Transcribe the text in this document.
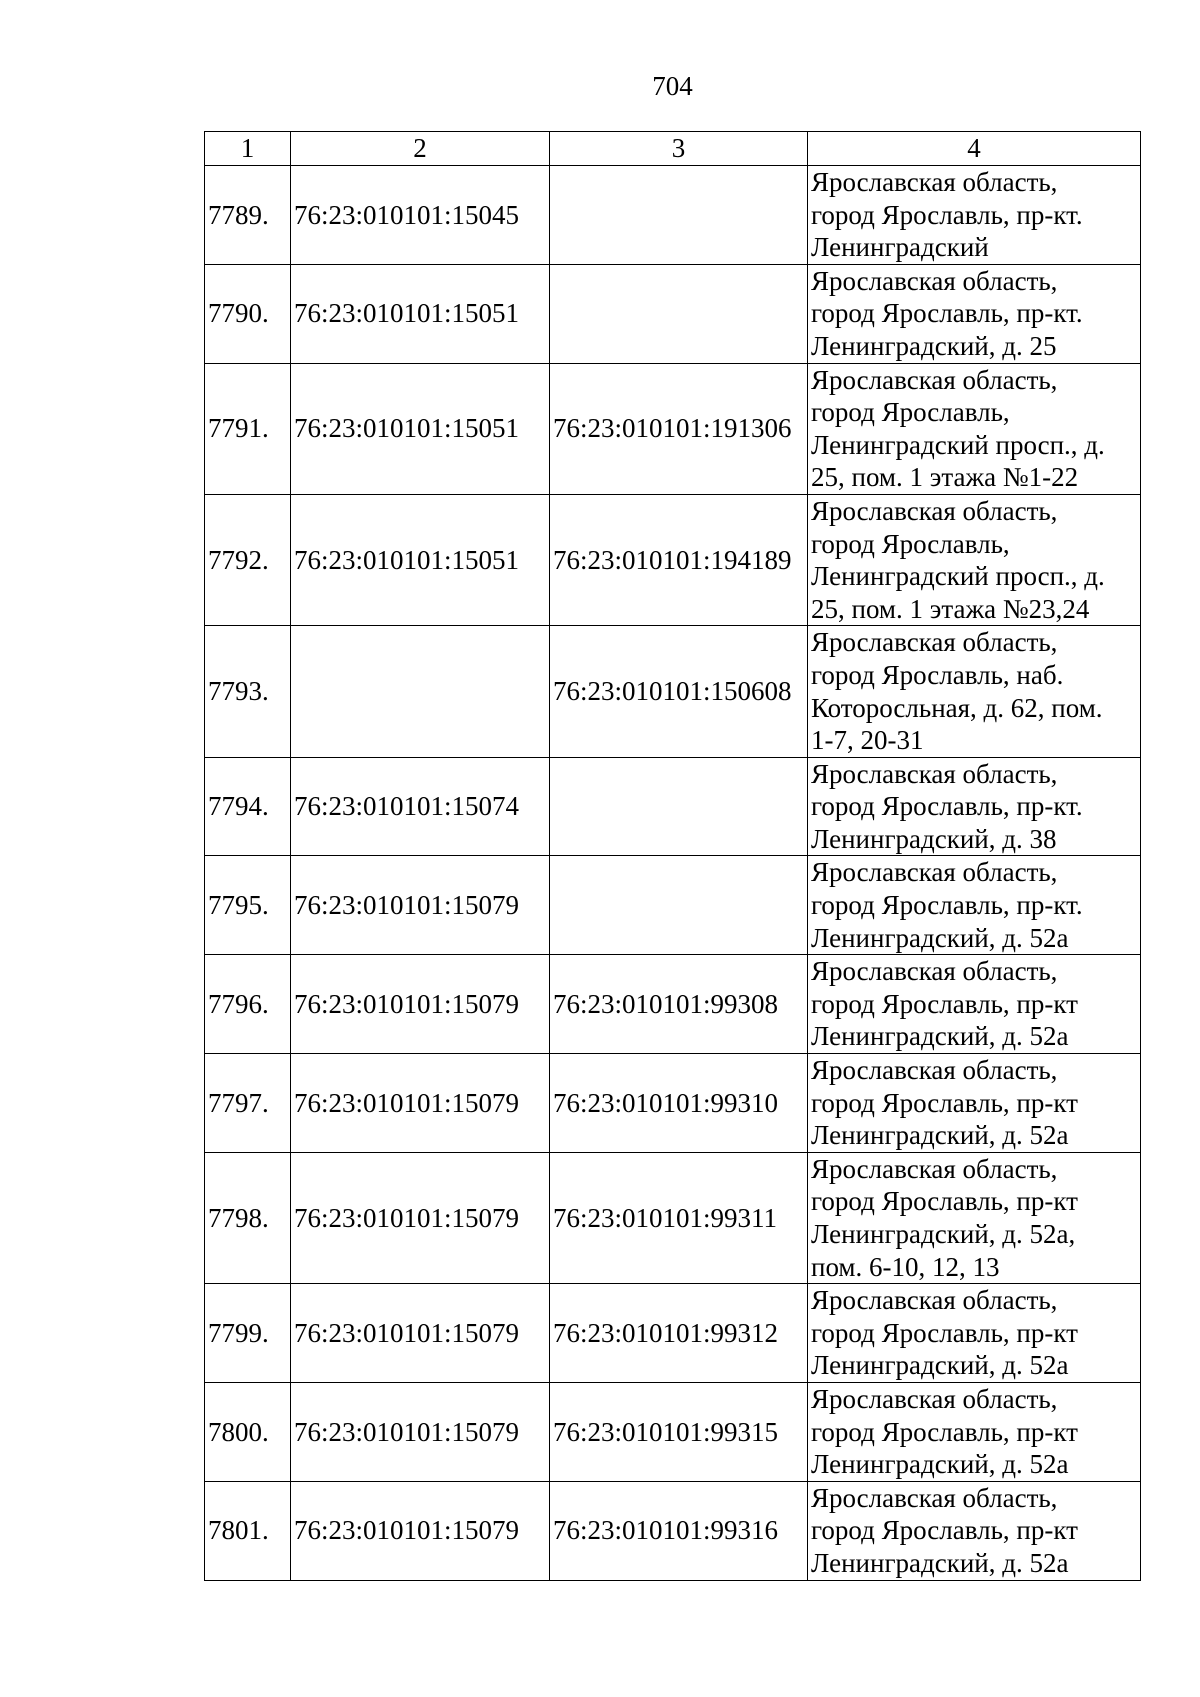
704
1	2	3	4
7789.	76:23:010101:15045		Ярославская область,
город Ярославль, пр-кт.
Ленинградский

7790.	76:23:010101:15051		Ярославская область,
город Ярославль, пр-кт.
Ленинградский, д. 25

7791.	76:23:010101:15051	76:23:010101:191306	Ярославская область,
город Ярославль,
Ленинградский просп., д.
25, пом. 1 этажа №1-22

7792.	76:23:010101:15051	76:23:010101:194189	Ярославская область,
город Ярославль,
Ленинградский просп., д.
25, пом. 1 этажа №23,24

7793.		76:23:010101:150608	Ярославская область,
город Ярославль, наб.
Которосльная, д. 62, пом.
1-7, 20-31

7794.	76:23:010101:15074		Ярославская область,
город Ярославль, пр-кт.
Ленинградский, д. 38

7795.	76:23:010101:15079		Ярославская область,
город Ярославль, пр-кт.
Ленинградский, д. 52а

7796.	76:23:010101:15079	76:23:010101:99308	Ярославская область,
город Ярославль, пр-кт
Ленинградский, д. 52а

7797.	76:23:010101:15079	76:23:010101:99310	Ярославская область,
город Ярославль, пр-кт
Ленинградский, д. 52а

7798.	76:23:010101:15079	76:23:010101:99311	Ярославская область,
город Ярославль, пр-кт
Ленинградский, д. 52а,
пом. 6-10, 12, 13

7799.	76:23:010101:15079	76:23:010101:99312	Ярославская область,
город Ярославль, пр-кт
Ленинградский, д. 52а

7800.	76:23:010101:15079	76:23:010101:99315	Ярославская область,
город Ярославль, пр-кт
Ленинградский, д. 52а

7801.	76:23:010101:15079	76:23:010101:99316	Ярославская область,
город Ярославль, пр-кт
Ленинградский, д. 52а
